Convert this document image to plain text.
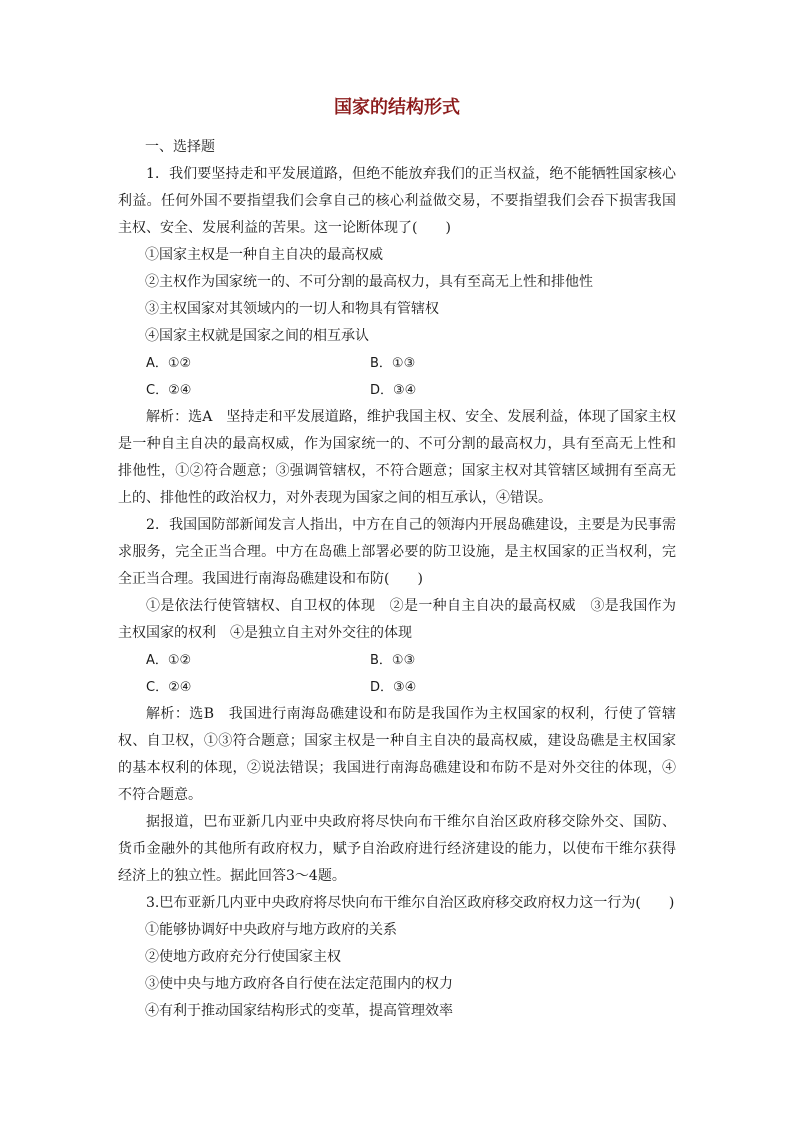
国家的结构形式
一、选择题

1．我们要坚持走和平发展道路，但绝不能放弃我们的正当权益，绝不能牺牲国家核心利益。任何外国不要指望我们会拿自己的核心利益做交易，不要指望我们会吞下损害我国主权、安全、发展利益的苦果。这一论断体现了(　　)

①国家主权是一种自主自决的最高权威
②主权作为国家统一的、不可分割的最高权力，具有至高无上性和排他性
③主权国家对其领域内的一切人和物具有管辖权
④国家主权就是国家之间的相互承认
A．①②	B．①③
C．②④	D．③④

解析：选A　坚持走和平发展道路，维护我国主权、安全、发展利益，体现了国家主权是一种自主自决的最高权威，作为国家统一的、不可分割的最高权力，具有至高无上性和排他性，①②符合题意；③强调管辖权，不符合题意；国家主权对其管辖区域拥有至高无上的、排他性的政治权力，对外表现为国家之间的相互承认，④错误。

2．我国国防部新闻发言人指出，中方在自己的领海内开展岛礁建设，主要是为民事需求服务，完全正当合理。中方在岛礁上部署必要的防卫设施，是主权国家的正当权利，完全正当合理。我国进行南海岛礁建设和布防(　　)

①是依法行使管辖权、自卫权的体现　②是一种自主自决的最高权威　③是我国作为主权国家的权利　④是独立自主对外交往的体现

A．①②	B．①③
C．②④	D．③④

解析：选B　我国进行南海岛礁建设和布防是我国作为主权国家的权利，行使了管辖权、自卫权，①③符合题意；国家主权是一种自主自决的最高权威，建设岛礁是主权国家的基本权利的体现，②说法错误；我国进行南海岛礁建设和布防不是对外交往的体现，④不符合题意。

据报道，巴布亚新几内亚中央政府将尽快向布干维尔自治区政府移交除外交、国防、货币金融外的其他所有政府权力，赋予自治政府进行经济建设的能力，以使布干维尔获得经济上的独立性。据此回答3～4题。

3.巴布亚新几内亚中央政府将尽快向布干维尔自治区政府移交政府权力这一行为(　　)

①能够协调好中央政府与地方政府的关系
②使地方政府充分行使国家主权
③使中央与地方政府各自行使在法定范围内的权力
④有利于推动国家结构形式的变革，提高管理效率
